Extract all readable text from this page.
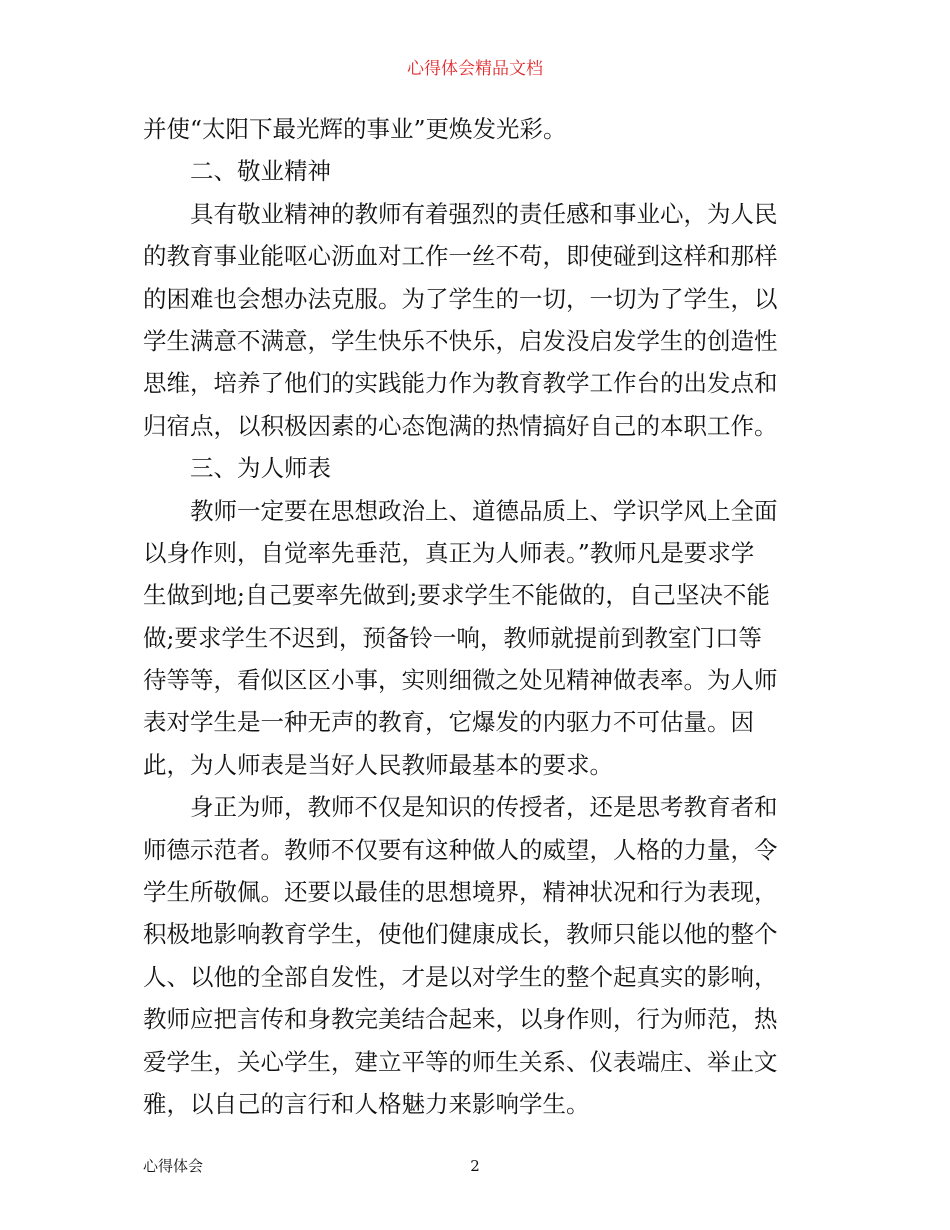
心得体会精品文档
并使“太阳下最光辉的事业”更焕发光彩。
二、敬业精神
具有敬业精神的教师有着强烈的责任感和事业心，为人民
的教育事业能呕心沥血对工作一丝不苟，即使碰到这样和那样
的困难也会想办法克服。为了学生的一切，一切为了学生，以
学生满意不满意，学生快乐不快乐，启发没启发学生的创造性
思维，培养了他们的实践能力作为教育教学工作台的出发点和
归宿点，以积极因素的心态饱满的热情搞好自己的本职工作。
三、为人师表
教师一定要在思想政治上、道德品质上、学识学风上全面
以身作则，自觉率先垂范，真正为人师表。”教师凡是要求学
生做到地;自己要率先做到;要求学生不能做的，自己坚决不能
做;要求学生不迟到，预备铃一响，教师就提前到教室门口等
待等等，看似区区小事，实则细微之处见精神做表率。为人师
表对学生是一种无声的教育，它爆发的内驱力不可估量。因
此，为人师表是当好人民教师最基本的要求。
身正为师，教师不仅是知识的传授者，还是思考教育者和
师德示范者。教师不仅要有这种做人的威望，人格的力量，令
学生所敬佩。还要以最佳的思想境界，精神状况和行为表现，
积极地影响教育学生，使他们健康成长，教师只能以他的整个
人、以他的全部自发性，才是以对学生的整个起真实的影响，
教师应把言传和身教完美结合起来，以身作则，行为师范，热
爱学生，关心学生，建立平等的师生关系、仪表端庄、举止文
雅，以自己的言行和人格魅力来影响学生。
心得体会	2
